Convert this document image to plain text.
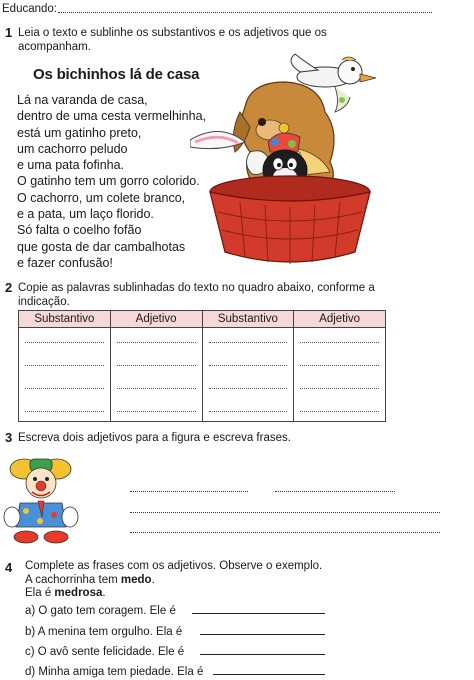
Educando:
1 Leia o texto e sublinhe os substantivos e os adjetivos que os acompanham.
Os bichinhos lá de casa
Lá na varanda de casa,
dentro de uma cesta vermelhinha,
está um gatinho preto,
um cachorro peludo
e uma pata fofinha.
O gatinho tem um gorro colorido.
O cachorro, um colete branco,
e a pata, um laço florido.
Só falta o coelho fofão
que gosta de dar cambalhotas
e fazer confusão!
2 Copie as palavras sublinhadas do texto no quadro abaixo, conforme a indicação.
Substantivo	Adjetivo	Substantivo	Adjetivo

3 Escreva dois adjetivos para a figura e escreva frases.
4 Complete as frases com os adjetivos. Observe o exemplo.
A cachorrinha tem medo.
Ela é medrosa.
a) O gato tem coragem. Ele é
b) A menina tem orgulho. Ela é
c) O avô sente felicidade. Ele é
d) Minha amiga tem piedade. Ela é
